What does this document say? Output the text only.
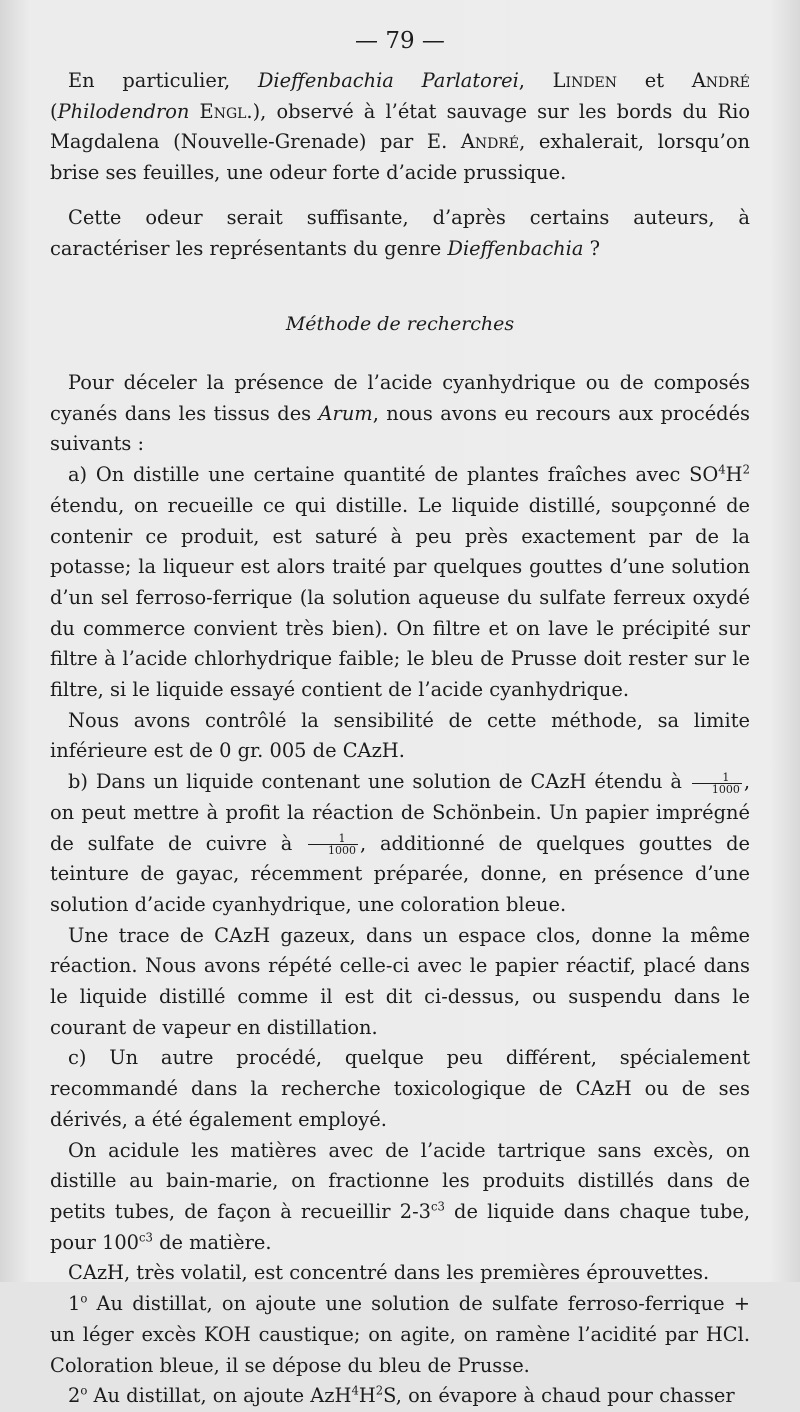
— 79 —

En particulier, Dieffenbachia Parlatorei, Linden et André (Philodendron Engl.), observé à l’état sauvage sur les bords du Rio Magdalena (Nouvelle-Grenade) par E. André, exhalerait, lorsqu’on brise ses feuilles, une odeur forte d’acide prussique.

Cette odeur serait suffisante, d’après certains auteurs, à caractériser les représentants du genre Dieffenbachia ?

Méthode de recherches

Pour déceler la présence de l’acide cyanhydrique ou de composés cyanés dans les tissus des Arum, nous avons eu recours aux procédés suivants :

a) On distille une certaine quantité de plantes fraîches avec $SO^4H^2$ étendu, on recueille ce qui distille. Le liquide distillé, soupçonné de contenir ce produit, est saturé à peu près exactement par de la potasse; la liqueur est alors traité par quelques gouttes d’une solution d’un sel ferroso-ferrique (la solution aqueuse du sulfate ferreux oxydé du commerce convient très bien). On filtre et on lave le précipité sur filtre à l’acide chlorhydrique faible; le bleu de Prusse doit rester sur le filtre, si le liquide essayé contient de l’acide cyanhydrique.

Nous avons contrôlé la sensibilité de cette méthode, sa limite inférieure est de 0 gr. 005 de CAzH.

b) Dans un liquide contenant une solution de CAzH étendu à $\frac{1}{1000}$ , on peut mettre à profit la réaction de Schönbein. Un papier imprégné de sulfate de cuivre à $\frac{1}{1000}$ , additionné de quelques gouttes de teinture de gayac, récemment préparée, donne, en présence d’une solution d’acide cyanhydrique, une coloration bleue.

Une trace de CAzH gazeux, dans un espace clos, donne la même réaction. Nous avons répété celle-ci avec le papier réactif, placé dans le liquide distillé comme il est dit ci-dessus, ou suspendu dans le courant de vapeur en distillation.

c) Un autre procédé, quelque peu différent, spécialement recommandé dans la recherche toxicologique de CAzH ou de ses dérivés, a été également employé.

On acidule les matières avec de l’acide tartrique sans excès, on distille au bain-marie, on fractionne les produits distillés dans de petits tubes, de façon à recueillir $2-3^{c3}$ de liquide dans chaque tube, pour $100^{c3}$ de matière.

CAzH, très volatil, est concentré dans les premières éprouvettes.

1$^o$ Au distillat, on ajoute une solution de sulfate ferroso-ferrique + un léger excès KOH caustique; on agite, on ramène l’acidité par HCl. Coloration bleue, il se dépose du bleu de Prusse.

2$^o$ Au distillat, on ajoute $AzH^4H^2S$, on évapore à chaud pour chasser
